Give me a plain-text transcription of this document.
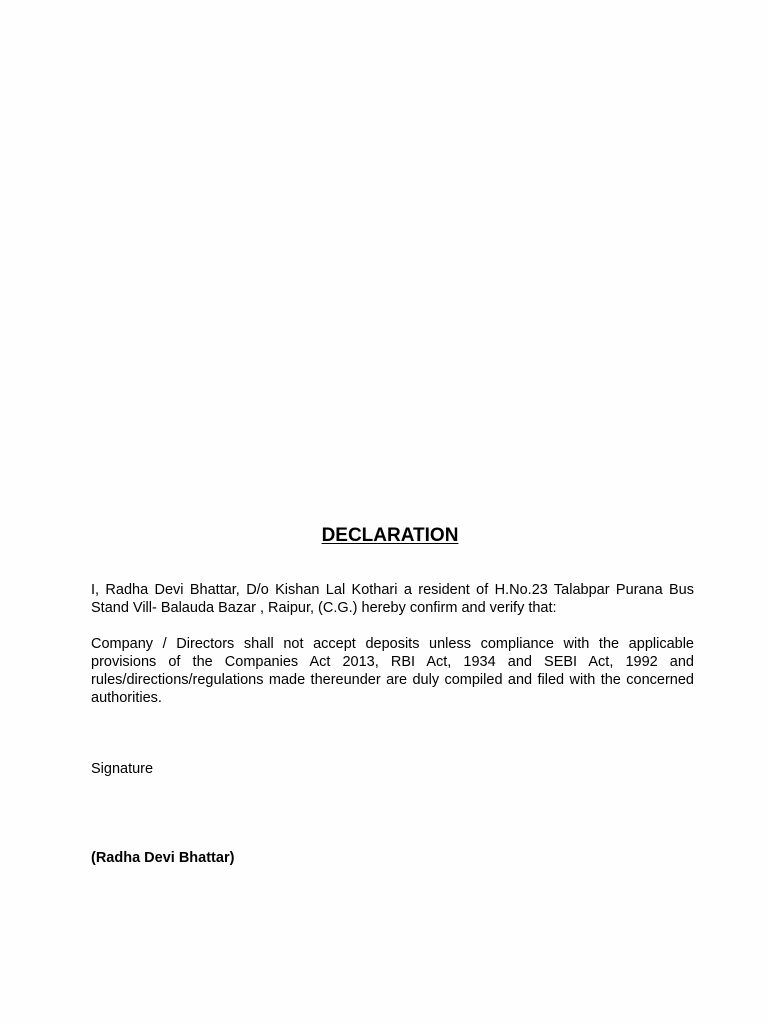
DECLARATION

I, Radha Devi Bhattar, D/o Kishan Lal Kothari a resident of H.No.23 Talabpar Purana Bus Stand Vill- Balauda Bazar , Raipur, (C.G.) hereby confirm and verify that:

Company / Directors shall not accept deposits unless compliance with the applicable provisions of the Companies Act 2013, RBI Act, 1934 and SEBI Act, 1992 and rules/directions/regulations made thereunder are duly compiled and filed with the concerned authorities.

Signature

(Radha Devi Bhattar)
